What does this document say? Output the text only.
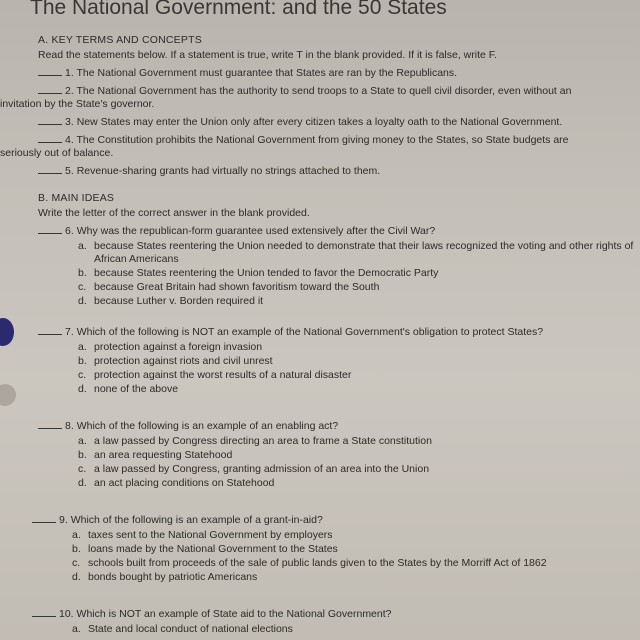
The National Government: and the 50 States
A. KEY TERMS AND CONCEPTS
Read the statements below. If a statement is true, write T in the blank provided. If it is false, write F.
1. The National Government must guarantee that States are ran by the Republicans.
2. The National Government has the authority to send troops to a State to quell civil disorder, even without an
invitation by the State's governor.
3. New States may enter the Union only after every citizen takes a loyalty oath to the National Government.
4. The Constitution prohibits the National Government from giving money to the States, so State budgets are
seriously out of balance.
5. Revenue-sharing grants had virtually no strings attached to them.
B. MAIN IDEAS
Write the letter of the correct answer in the blank provided.
6. Why was the republican-form guarantee used extensively after the Civil War?
a. because States reentering the Union needed to demonstrate that their laws recognized the voting and other rights of African Americans
b. because States reentering the Union tended to favor the Democratic Party
c. because Great Britain had shown favoritism toward the South
d. because Luther v. Borden required it
7. Which of the following is NOT an example of the National Government's obligation to protect States?
a. protection against a foreign invasion
b. protection against riots and civil unrest
c. protection against the worst results of a natural disaster
d. none of the above
8. Which of the following is an example of an enabling act?
a. a law passed by Congress directing an area to frame a State constitution
b. an area requesting Statehood
c. a law passed by Congress, granting admission of an area into the Union
d. an act placing conditions on Statehood
9. Which of the following is an example of a grant-in-aid?
a. taxes sent to the National Government by employers
b. loans made by the National Government to the States
c. schools built from proceeds of the sale of public lands given to the States by the Morriff Act of 1862
d. bonds bought by patriotic Americans
10. Which is NOT an example of State aid to the National Government?
a. State and local conduct of national elections
